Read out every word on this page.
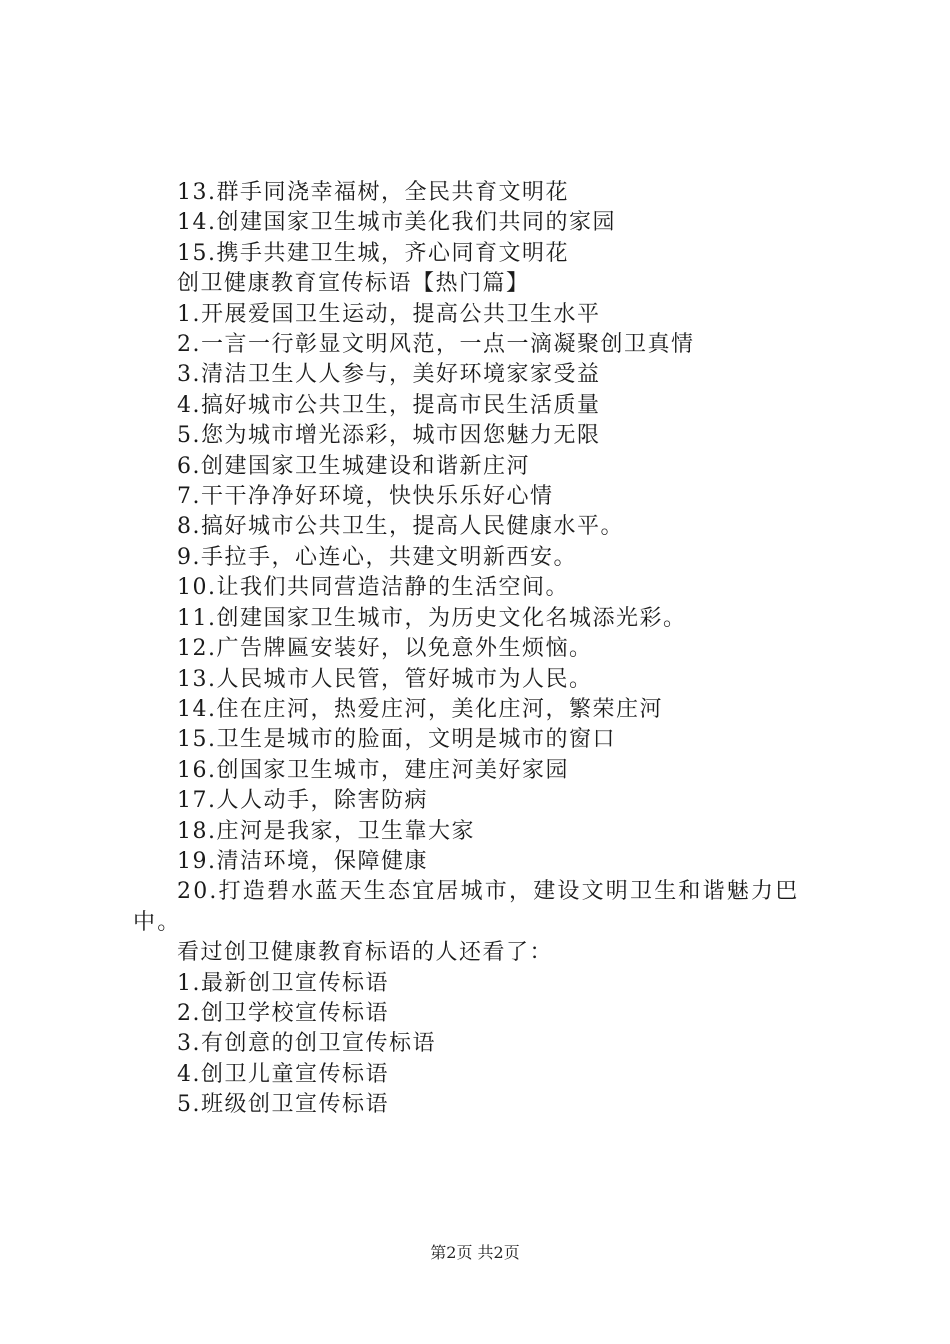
13.群手同浇幸福树，全民共育文明花
14.创建国家卫生城市美化我们共同的家园
15.携手共建卫生城，齐心同育文明花
创卫健康教育宣传标语【热门篇】
1.开展爱国卫生运动，提高公共卫生水平
2.一言一行彰显文明风范，一点一滴凝聚创卫真情
3.清洁卫生人人参与，美好环境家家受益
4.搞好城市公共卫生，提高市民生活质量
5.您为城市增光添彩，城市因您魅力无限
6.创建国家卫生城建设和谐新庄河
7.干干净净好环境，快快乐乐好心情
8.搞好城市公共卫生，提高人民健康水平。
9.手拉手，心连心，共建文明新西安。
10.让我们共同营造洁静的生活空间。
11.创建国家卫生城市，为历史文化名城添光彩。
12.广告牌匾安装好，以免意外生烦恼。
13.人民城市人民管，管好城市为人民。
14.住在庄河，热爱庄河，美化庄河，繁荣庄河
15.卫生是城市的脸面，文明是城市的窗口
16.创国家卫生城市，建庄河美好家园
17.人人动手，除害防病
18.庄河是我家，卫生靠大家
19.清洁环境，保障健康
20.打造碧水蓝天生态宜居城市，建设文明卫生和谐魅力巴中。
看过创卫健康教育标语的人还看了：
1.最新创卫宣传标语
2.创卫学校宣传标语
3.有创意的创卫宣传标语
4.创卫儿童宣传标语
5.班级创卫宣传标语
第2页 共2页
